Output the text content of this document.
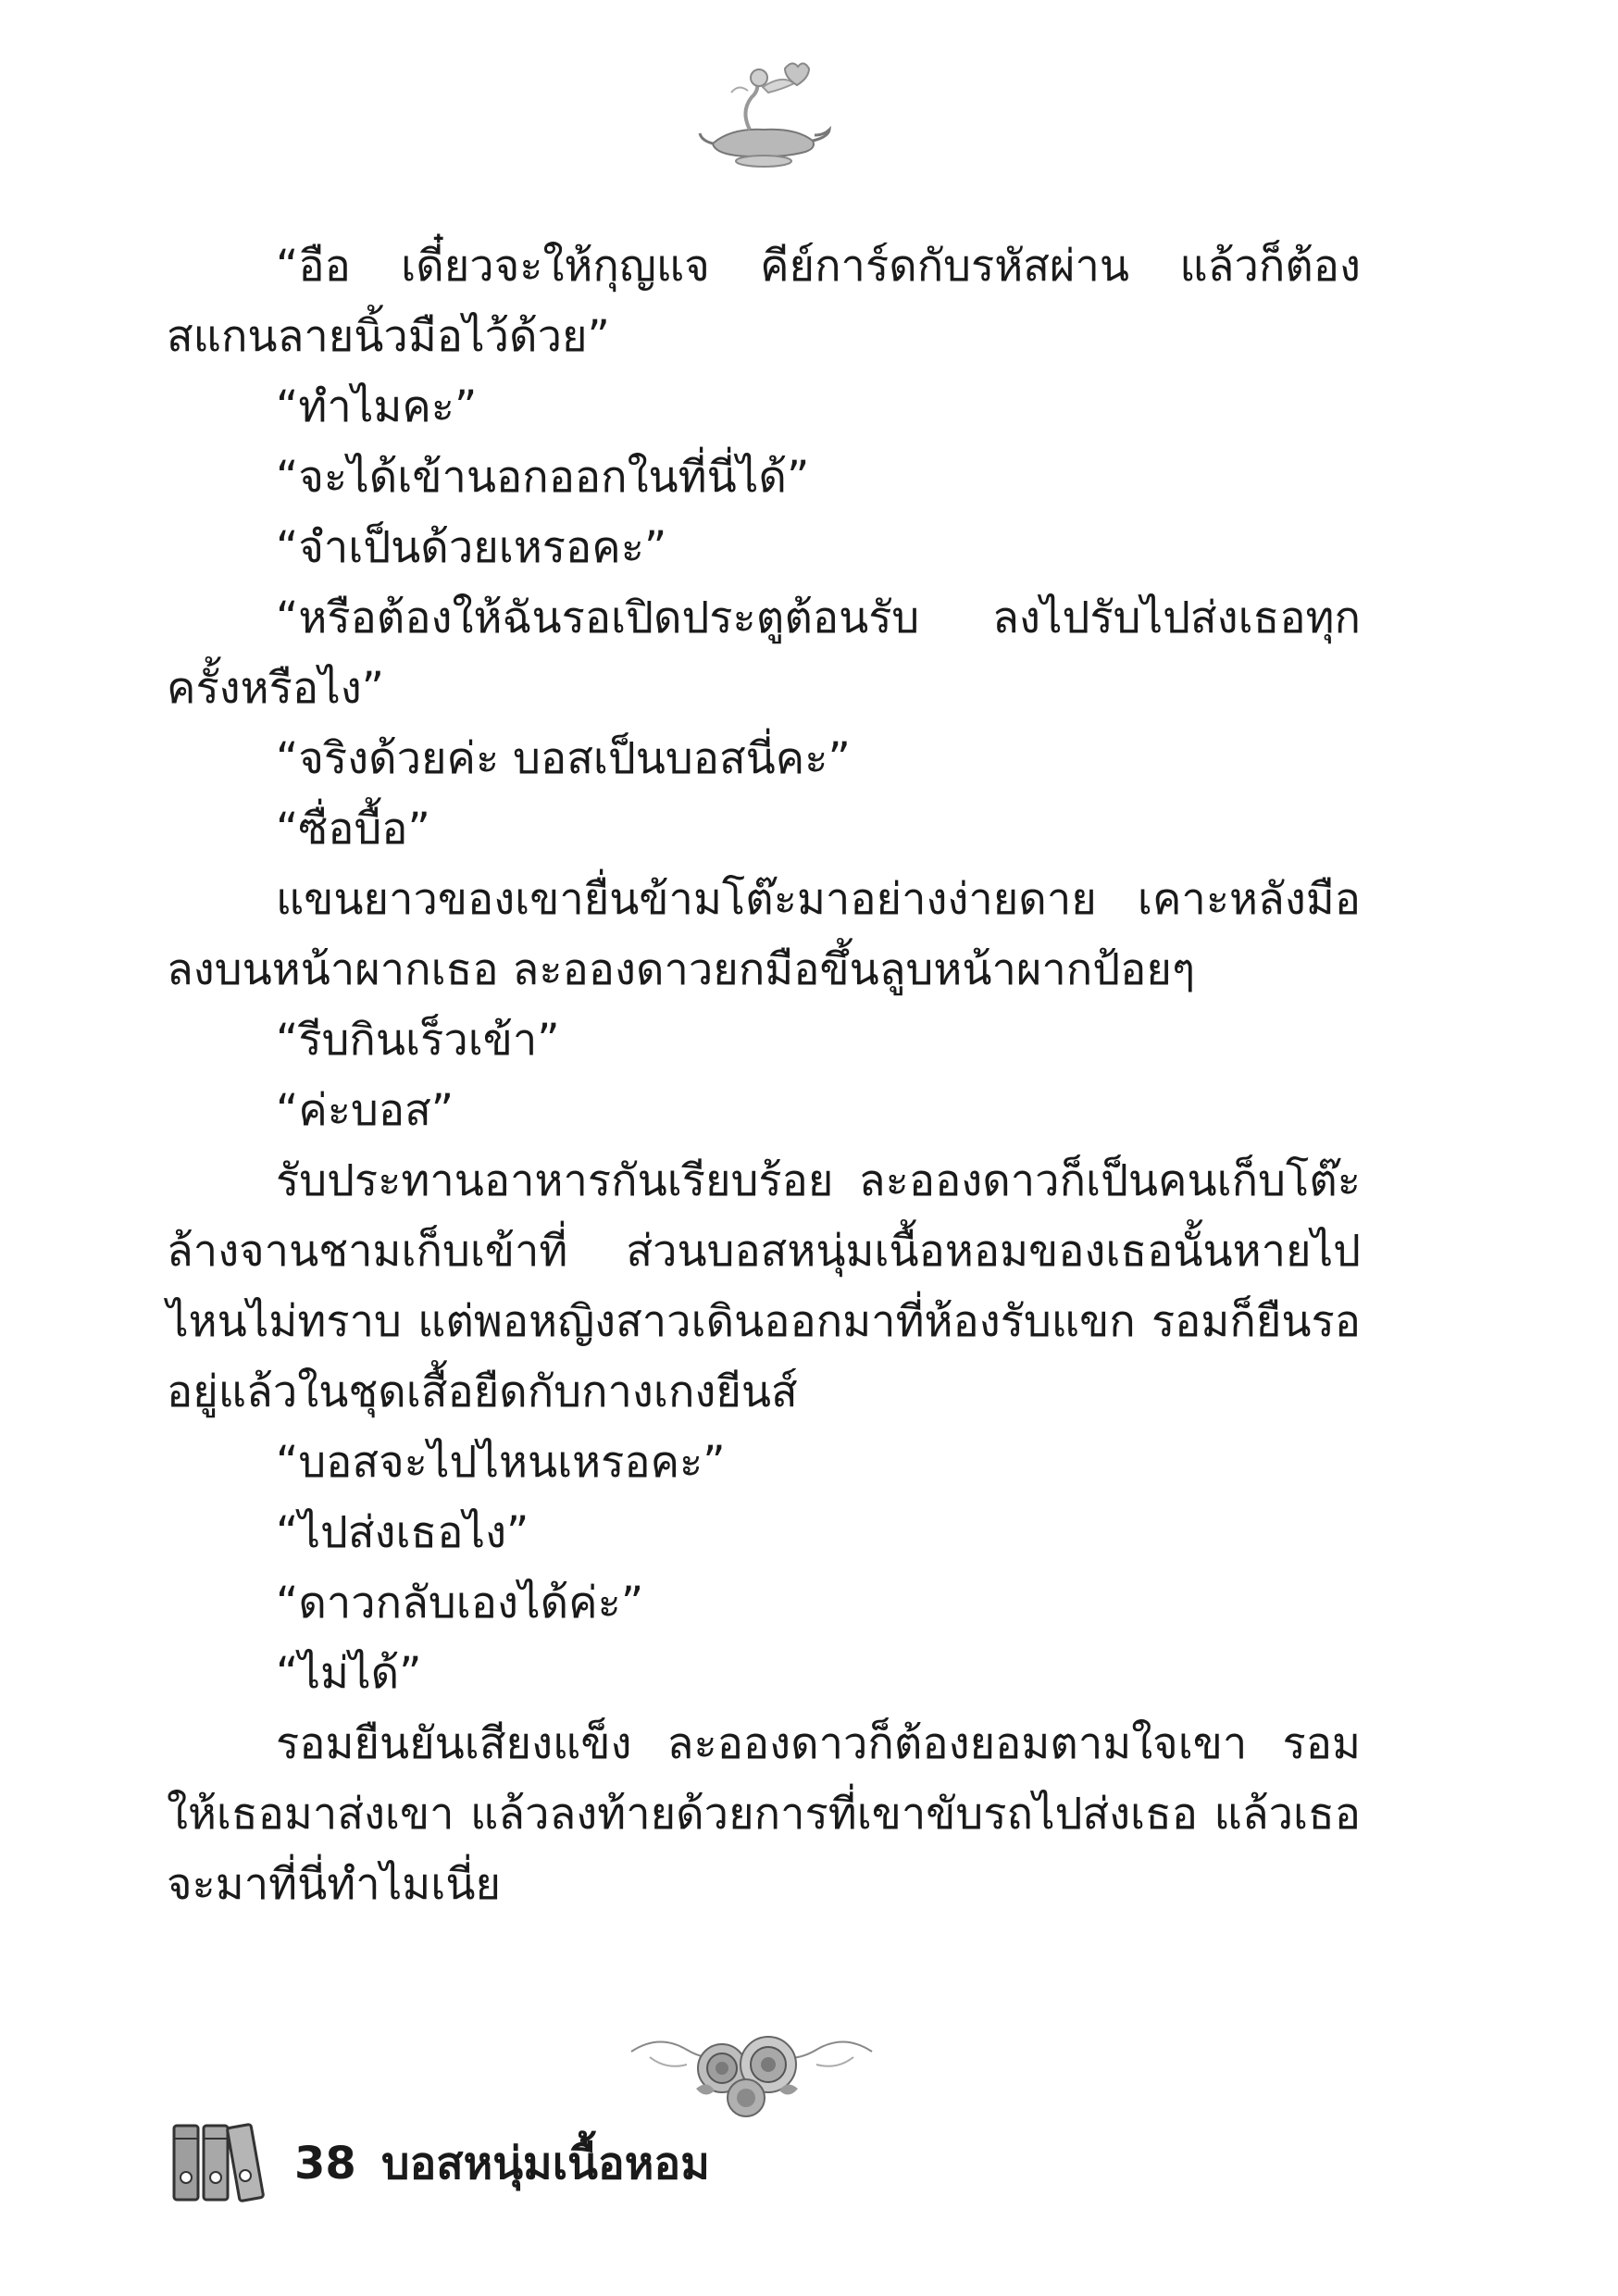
“อือ เดี๋ยวจะให้กุญแจ คีย์การ์ดกับรหัสผ่าน แล้วก็ต้องสแกนลายนิ้วมือไว้ด้วย”

“ทำไมคะ”

“จะได้เข้านอกออกในที่นี่ได้”

“จำเป็นด้วยเหรอคะ”

“หรือต้องให้ฉันรอเปิดประตูต้อนรับ ลงไปรับไปส่งเธอทุกครั้งหรือไง”

“จริงด้วยค่ะ บอสเป็นบอสนี่คะ”

“ซื่อบื้อ”

แขนยาวของเขายื่นข้ามโต๊ะมาอย่างง่ายดาย เคาะหลังมือลงบนหน้าผากเธอ ละอองดาวยกมือขึ้นลูบหน้าผากป้อยๆ

“รีบกินเร็วเข้า”

“ค่ะบอส”

รับประทานอาหารกันเรียบร้อย ละอองดาวก็เป็นคนเก็บโต๊ะล้างจานชามเก็บเข้าที่ ส่วนบอสหนุ่มเนื้อหอมของเธอนั้นหายไปไหนไม่ทราบ แต่พอหญิงสาวเดินออกมาที่ห้องรับแขก รอมก็ยืนรออยู่แล้วในชุดเสื้อยืดกับกางเกงยีนส์

“บอสจะไปไหนเหรอคะ”

“ไปส่งเธอไง”

“ดาวกลับเองได้ค่ะ”

“ไม่ได้”

รอมยืนยันเสียงแข็ง ละอองดาวก็ต้องยอมตามใจเขา รอมให้เธอมาส่งเขา แล้วลงท้ายด้วยการที่เขาขับรถไปส่งเธอ แล้วเธอจะมาที่นี่ทำไมเนี่ย

38 บอสหนุ่มเนื้อหอม
